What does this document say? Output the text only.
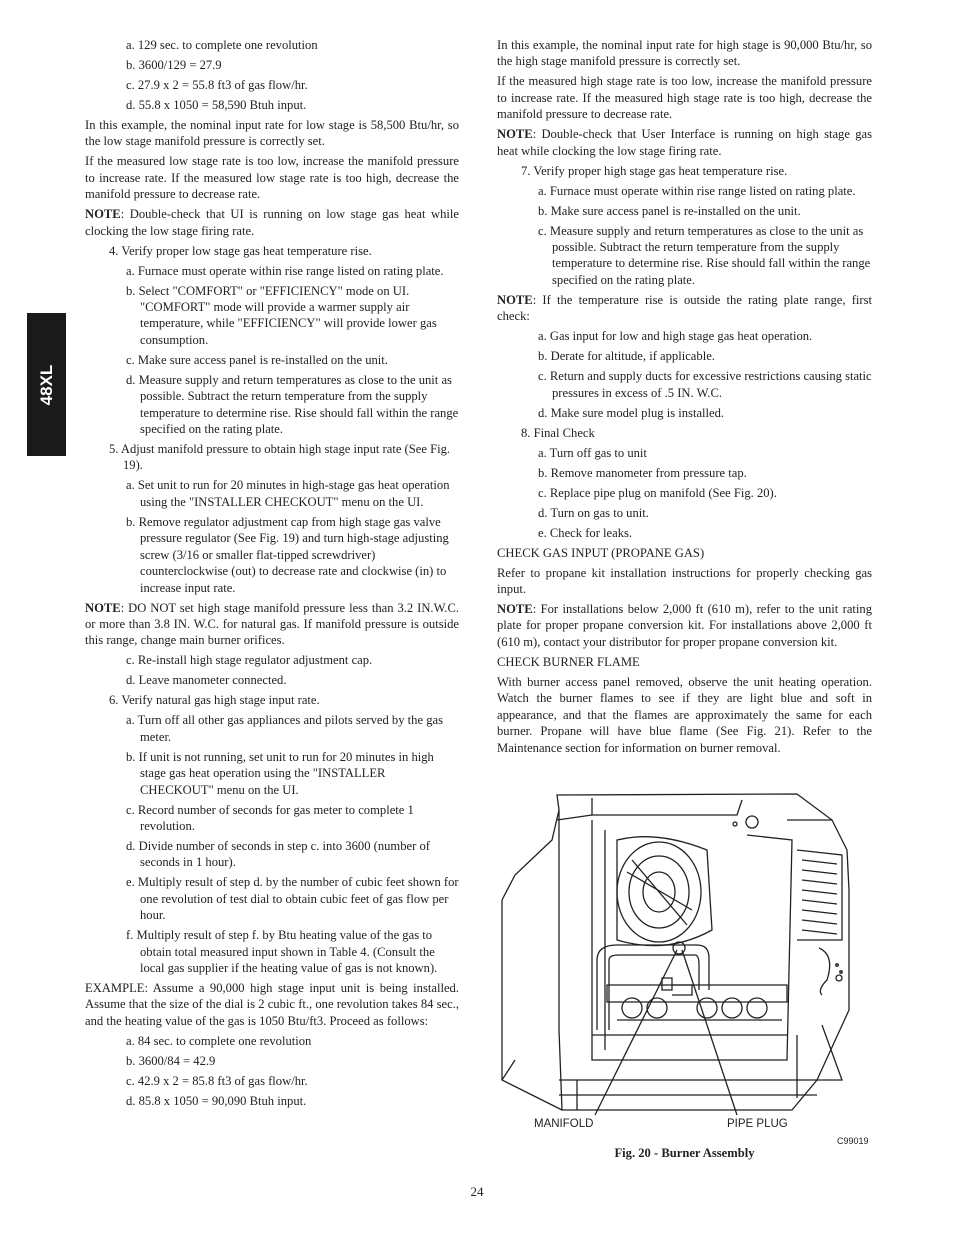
48XL
a. 129 sec. to complete one revolution
b. 3600/129 = 27.9
c. 27.9 x 2 = 55.8 ft3 of gas flow/hr.
d. 55.8 x 1050 = 58,590 Btuh input.
In this example, the nominal input rate for low stage is 58,500 Btu/hr, so the low stage manifold pressure is correctly set.
If the measured low stage rate is too low, increase the manifold pressure to increase rate. If the measured low stage rate is too high, decrease the manifold pressure to decrease rate.
NOTE: Double-check that UI is running on low stage gas heat while clocking the low stage firing rate.
4. Verify proper low stage gas heat temperature rise.
a. Furnace must operate within rise range listed on rating plate.
b. Select "COMFORT" or "EFFICIENCY" mode on UI. "COMFORT" mode will provide a warmer supply air temperature, while "EFFICIENCY" will provide lower gas consumption.
c. Make sure access panel is re-installed on the unit.
d. Measure supply and return temperatures as close to the unit as possible. Subtract the return temperature from the supply temperature to determine rise. Rise should fall within the range specified on the rating plate.
5. Adjust manifold pressure to obtain high stage input rate (See Fig. 19).
a. Set unit to run for 20 minutes in high-stage gas heat operation using the "INSTALLER CHECKOUT" menu on the UI.
b. Remove regulator adjustment cap from high stage gas valve pressure regulator (See Fig. 19) and turn high-stage adjusting screw (3/16 or smaller flat-tipped screwdriver) counterclockwise (out) to decrease rate and clockwise (in) to increase input rate.
NOTE: DO NOT set high stage manifold pressure less than 3.2 IN.W.C. or more than 3.8 IN. W.C. for natural gas. If manifold pressure is outside this range, change main burner orifices.
c. Re-install high stage regulator adjustment cap.
d. Leave manometer connected.
6. Verify natural gas high stage input rate.
a. Turn off all other gas appliances and pilots served by the gas meter.
b. If unit is not running, set unit to run for 20 minutes in high stage gas heat operation using the "INSTALLER CHECKOUT" menu on the UI.
c. Record number of seconds for gas meter to complete 1 revolution.
d. Divide number of seconds in step c. into 3600 (number of seconds in 1 hour).
e. Multiply result of step d. by the number of cubic feet shown for one revolution of test dial to obtain cubic feet of gas flow per hour.
f. Multiply result of step f. by Btu heating value of the gas to obtain total measured input shown in Table 4. (Consult the local gas supplier if the heating value of gas is not known).
EXAMPLE: Assume a 90,000 high stage input unit is being installed. Assume that the size of the dial is 2 cubic ft., one revolution takes 84 sec., and the heating value of the gas is 1050 Btu/ft3. Proceed as follows:
a. 84 sec. to complete one revolution
b. 3600/84 = 42.9
c. 42.9 x 2 = 85.8 ft3 of gas flow/hr.
d. 85.8 x 1050 = 90,090 Btuh input.
In this example, the nominal input rate for high stage is 90,000 Btu/hr, so the high stage manifold pressure is correctly set.
If the measured high stage rate is too low, increase the manifold pressure to increase rate. If the measured high stage rate is too high, decrease the manifold pressure to decrease rate.
NOTE: Double-check that User Interface is running on high stage gas heat while clocking the low stage firing rate.
7. Verify proper high stage gas heat temperature rise.
a. Furnace must operate within rise range listed on rating plate.
b. Make sure access panel is re-installed on the unit.
c. Measure supply and return temperatures as close to the unit as possible. Subtract the return temperature from the supply temperature to determine rise. Rise should fall within the range specified on the rating plate.
NOTE: If the temperature rise is outside the rating plate range, first check:
a. Gas input for low and high stage gas heat operation.
b. Derate for altitude, if applicable.
c. Return and supply ducts for excessive restrictions causing static pressures in excess of .5 IN. W.C.
d. Make sure model plug is installed.
8. Final Check
a. Turn off gas to unit
b. Remove manometer from pressure tap.
c. Replace pipe plug on manifold (See Fig. 20).
d. Turn on gas to unit.
e. Check for leaks.
CHECK GAS INPUT (PROPANE GAS)
Refer to propane kit installation instructions for properly checking gas input.
NOTE: For installations below 2,000 ft (610 m), refer to the unit rating plate for proper propane conversion kit. For installations above 2,000 ft (610 m), contact your distributor for proper propane conversion kit.
CHECK BURNER FLAME
With burner access panel removed, observe the unit heating operation. Watch the burner flames to see if they are light blue and soft in appearance, and that the flames are approximately the same for each burner. Propane will have blue flame (See Fig. 21). Refer to the Maintenance section for information on burner removal.
MANIFOLD	PIPE PLUG
C99019
Fig. 20 - Burner Assembly
24
